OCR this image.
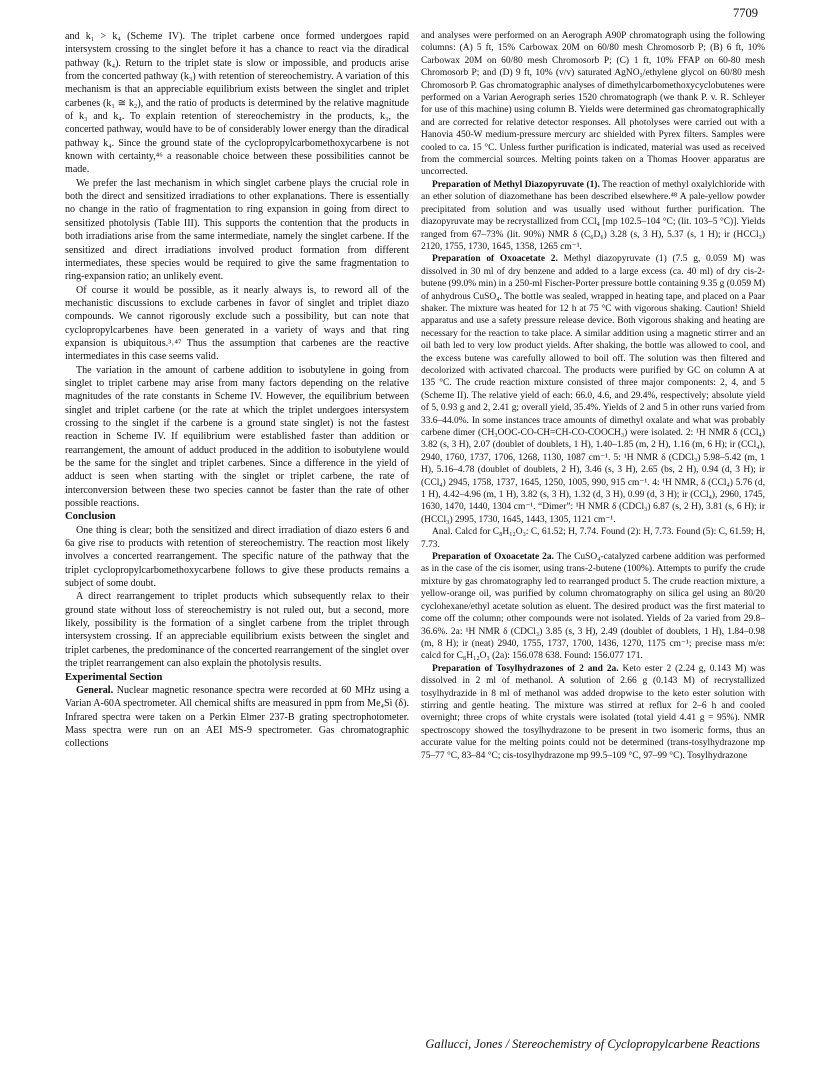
7709

and k₁ > k₄ (Scheme IV). The triplet carbene once formed undergoes rapid intersystem crossing to the singlet before it has a chance to react via the diradical pathway (k₄). Return to the triplet state is slow or impossible, and products arise from the concerted pathway (k₃) with retention of stereochemistry. A variation of this mechanism is that an appreciable equilibrium exists between the singlet and triplet carbenes (k₁ ≅ k₂), and the ratio of products is determined by the relative magnitude of k₃ and k₄. To explain retention of stereochemistry in the products, k₃, the concerted pathway, would have to be of considerably lower energy than the diradical pathway k₄. Since the ground state of the cyclopropylcarbomethoxycarbene is not known with certainty,⁴⁶ a reasonable choice between these possibilities cannot be made.

We prefer the last mechanism in which singlet carbene plays the crucial role in both the direct and sensitized irradiations to other explanations. There is essentially no change in the ratio of fragmentation to ring expansion in going from direct to sensitized photolysis (Table III). This supports the contention that the products in both irradiations arise from the same intermediate, namely the singlet carbene. If the sensitized and direct irradiations involved product formation from different intermediates, these species would be required to give the same fragmentation to ring-expansion ratio; an unlikely event.

Of course it would be possible, as it nearly always is, to reword all of the mechanistic discussions to exclude carbenes in favor of singlet and triplet diazo compounds. We cannot rigorously exclude such a possibility, but can note that cyclopropylcarbenes have been generated in a variety of ways and that ring expansion is ubiquitous.³˒⁴⁷ Thus the assumption that carbenes are the reactive intermediates in this case seems valid.

The variation in the amount of carbene addition to isobutylene in going from singlet to triplet carbene may arise from many factors depending on the relative magnitudes of the rate constants in Scheme IV. However, the equilibrium between singlet and triplet carbene (or the rate at which the triplet undergoes intersystem crossing to the singlet if the carbene is a ground state singlet) is not the fastest reaction in Scheme IV. If equilibrium were established faster than addition or rearrangement, the amount of adduct produced in the addition to isobutylene would be the same for the singlet and triplet carbenes. Since a difference in the yield of adduct is seen when starting with the singlet or triplet carbene, the rate of interconversion between these two species cannot be faster than the rate of other possible reactions.

Conclusion

One thing is clear; both the sensitized and direct irradiation of diazo esters 6 and 6a give rise to products with retention of stereochemistry. The reaction most likely involves a concerted rearrangement. The specific nature of the pathway that the triplet cyclopropylcarbomethoxycarbene follows to give these products remains a subject of some doubt.

A direct rearrangement to triplet products which subsequently relax to their ground state without loss of stereochemistry is not ruled out, but a second, more likely, possibility is the formation of a singlet carbene from the triplet through intersystem crossing. If an appreciable equilibrium exists between the singlet and triplet carbenes, the predominance of the concerted rearrangement of the singlet over the triplet rearrangement can also explain the photolysis results.

Experimental Section

General. Nuclear magnetic resonance spectra were recorded at 60 MHz using a Varian A-60A spectrometer. All chemical shifts are measured in ppm from Me₄Si (δ). Infrared spectra were taken on a Perkin Elmer 237-B grating spectrophotometer. Mass spectra were run on an AEI MS-9 spectrometer. Gas chromatographic collections

and analyses were performed on an Aerograph A90P chromatograph using the following columns: (A) 5 ft, 15% Carbowax 20M on 60/80 mesh Chromosorb P; (B) 6 ft, 10% Carbowax 20M on 60/80 mesh Chromosorb P; (C) 1 ft, 10% FFAP on 60-80 mesh Chromosorb P; and (D) 9 ft, 10% (v/v) saturated AgNO₃/ethylene glycol on 60/80 mesh Chromosorb P. Gas chromatographic analyses of dimethylcarbomethoxycyclobutenes were performed on a Varian Aerograph series 1520 chromatograph (we thank P. v. R. Schleyer for use of this machine) using column B. Yields were determined gas chromatographically and are corrected for relative detector responses. All photolyses were carried out with a Hanovia 450-W medium-pressure mercury arc shielded with Pyrex filters. Samples were cooled to ca. 15 °C. Unless further purification is indicated, material was used as received from the commercial sources. Melting points taken on a Thomas Hoover apparatus are uncorrected.

Preparation of Methyl Diazopyruvate (1). The reaction of methyl oxalylchloride with an ether solution of diazomethane has been described elsewhere.⁴⁸ A pale-yellow powder precipitated from solution and was usually used without further purification. The diazopyruvate may be recrystallized from CCl₄ [mp 102.5–104 °C; (lit. 103–5 °C)]. Yields ranged from 67–73% (lit. 90%) NMR δ (C₆D₆) 3.28 (s, 3 H), 5.37 (s, 1 H); ir (HCCl₃) 2120, 1755, 1730, 1645, 1358, 1265 cm⁻¹.

Preparation of Oxoacetate 2. Methyl diazopyruvate (1) (7.5 g, 0.059 M) was dissolved in 30 ml of dry benzene and added to a large excess (ca. 40 ml) of dry cis-2-butene (99.0% min) in a 250-ml Fischer-Porter pressure bottle containing 9.35 g (0.059 M) of anhydrous CuSO₄. The bottle was sealed, wrapped in heating tape, and placed on a Paar shaker. The mixture was heated for 12 h at 75 °C with vigorous shaking. Caution! Shield apparatus and use a safety pressure release device. Both vigorous shaking and heating are necessary for the reaction to take place. A similar addition using a magnetic stirrer and an oil bath led to very low product yields. After shaking, the bottle was allowed to cool, and the excess butene was carefully allowed to boil off. The solution was then filtered and decolorized with activated charcoal. The products were purified by GC on column A at 135 °C. The crude reaction mixture consisted of three major components: 2, 4, and 5 (Scheme II). The relative yield of each: 66.0, 4.6, and 29.4%, respectively; absolute yield of 5, 0.93 g and 2, 2.41 g; overall yield, 35.4%. Yields of 2 and 5 in other runs varied from 33.6–44.0%. In some instances trace amounts of dimethyl oxalate and what was probably carbene dimer (CH₃OOC-CO-CH=CH-CO-COOCH₃) were isolated. 2: ¹H NMR δ (CCl₄) 3.82 (s, 3 H), 2.07 (doublet of doublets, 1 H), 1.40–1.85 (m, 2 H), 1.16 (m, 6 H); ir (CCl₄), 2940, 1760, 1737, 1706, 1268, 1130, 1087 cm⁻¹. 5: ¹H NMR δ (CDCl₃) 5.98–5.42 (m, 1 H), 5.16–4.78 (doublet of doublets, 2 H), 3.46 (s, 3 H), 2.65 (bs, 2 H), 0.94 (d, 3 H); ir (CCl₄) 2945, 1758, 1737, 1645, 1250, 1005, 990, 915 cm⁻¹. 4: ¹H NMR, δ (CCl₄) 5.76 (d, 1 H), 4.42–4.96 (m, 1 H), 3.82 (s, 3 H), 1.32 (d, 3 H), 0.99 (d, 3 H); ir (CCl₄), 2960, 1745, 1630, 1470, 1440, 1304 cm⁻¹. “Dimer”: ¹H NMR δ (CDCl₃) 6.87 (s, 2 H), 3.81 (s, 6 H); ir (HCCl₃) 2995, 1730, 1645, 1443, 1305, 1121 cm⁻¹.

Anal. Calcd for C₈H₁₂O₃: C, 61.52; H, 7.74. Found (2): H, 7.73. Found (5): C, 61.59; H, 7.73.

Preparation of Oxoacetate 2a. The CuSO₄-catalyzed carbene addition was performed as in the case of the cis isomer, using trans-2-butene (100%). Attempts to purify the crude mixture by gas chromatography led to rearranged product 5. The crude reaction mixture, a yellow-orange oil, was purified by column chromatography on silica gel using an 80/20 cyclohexane/ethyl acetate solution as eluent. The desired product was the first material to come off the column; other compounds were not isolated. Yields of 2a varied from 29.8–36.6%. 2a: ¹H NMR δ (CDCl₃) 3.85 (s, 3 H), 2.49 (doublet of doublets, 1 H), 1.84–0.98 (m, 8 H); ir (neat) 2940, 1755, 1737, 1700, 1436, 1270, 1175 cm⁻¹; precise mass m/e: calcd for C₈H₁₂O₃ (2a): 156.078 638. Found: 156.077 171.

Preparation of Tosylhydrazones of 2 and 2a. Keto ester 2 (2.24 g, 0.143 M) was dissolved in 2 ml of methanol. A solution of 2.66 g (0.143 M) of recrystallized tosylhydrazide in 8 ml of methanol was added dropwise to the keto ester solution with stirring and gentle heating. The mixture was stirred at reflux for 2–6 h and cooled overnight; three crops of white crystals were isolated (total yield 4.41 g = 95%). NMR spectroscopy showed the tosylhydrazone to be present in two isomeric forms, thus an accurate value for the melting points could not be determined (trans-tosylhydrazone mp 75–77 °C, 83–84 °C; cis-tosylhydrazone mp 99.5–109 °C, 97–99 °C). Tosylhydrazone

Gallucci, Jones / Stereochemistry of Cyclopropylcarbene Reactions
